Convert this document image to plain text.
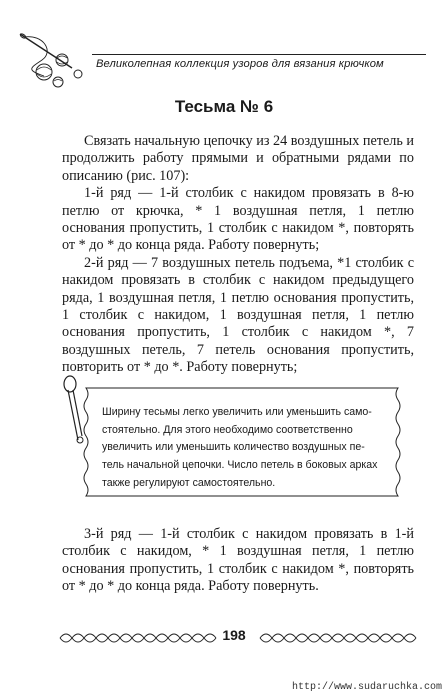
Великолепная коллекция узоров для вязания крючком
Тесьма № 6

Связать начальную цепочку из 24 воздушных петель и продолжить работу прямыми и обратными рядами по описанию (рис. 107):

1-й ряд — 1-й столбик с накидом провязать в 8-ю петлю от крючка, * 1 воздушная петля, 1 петлю основания пропустить, 1 столбик с накидом *, повторять от * до * до конца ряда. Работу повернуть;

2-й ряд — 7 воздушных петель подъема, *1 столбик с накидом провязать в столбик с накидом предыдущего ряда, 1 воздушная петля, 1 петлю основания пропустить, 1 столбик с накидом, 1 воздушная петля, 1 петлю основания пропустить, 1 столбик с накидом *, 7 воздушных петель, 7 петель основания пропустить, повторить от * до *. Работу повернуть;

Ширину тесьмы легко увеличить или уменьшить само-
стоятельно. Для этого необходимо соответственно
увеличить или уменьшить количество воздушных пе-
тель начальной цепочки. Число петель в боковых арках
также регулируют самостоятельно.

3-й ряд — 1-й столбик с накидом провязать в 1-й столбик с накидом, * 1 воздушная петля, 1 петлю основания пропустить, 1 столбик с накидом *, повторять от * до * до конца ряда. Работу повернуть.

198
http://www.sudaruchka.com
